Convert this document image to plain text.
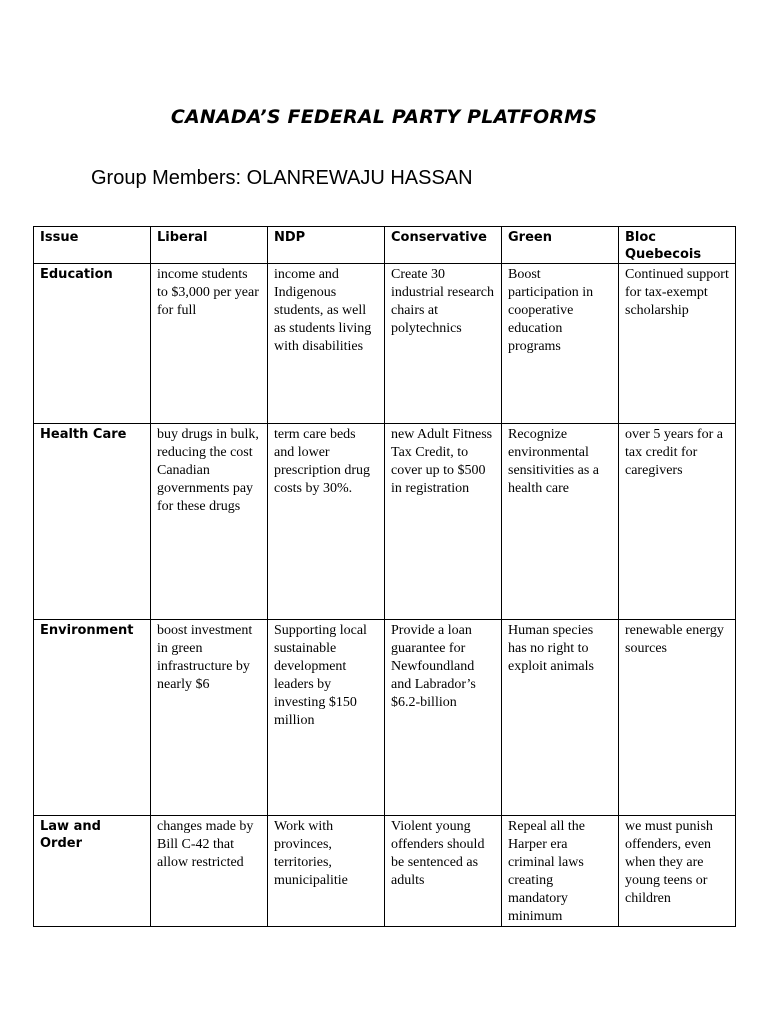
CANADA’S FEDERAL PARTY PLATFORMS
Group Members: OLANREWAJU HASSAN
Issue	Liberal	NDP	Conservative	Green	Bloc Quebecois
Education	income students to $3,000 per year for full	income and Indigenous students, as well as students living with disabilities	Create 30 industrial research chairs at polytechnics	Boost participation in cooperative education programs	Continued support for tax-exempt scholarship
Health Care	buy drugs in bulk, reducing the cost Canadian governments pay for these drugs	term care beds and lower prescription drug costs by 30%.	new Adult Fitness Tax Credit, to cover up to $500 in registration	Recognize environmental sensitivities as a health care	over 5 years for a tax credit for caregivers
Environment	boost investment in green infrastructure by nearly $6	Supporting local sustainable development leaders by investing $150 million	Provide a loan guarantee for Newfoundland and Labrador’s $6.2-billion	Human species has no right to exploit animals	renewable energy sources
Law and Order	changes made by Bill C-42 that allow restricted	Work with provinces, territories, municipalitie	Violent young offenders should be sentenced as adults	Repeal all the Harper era criminal laws creating mandatory minimum	we must punish offenders, even when they are young teens or children
